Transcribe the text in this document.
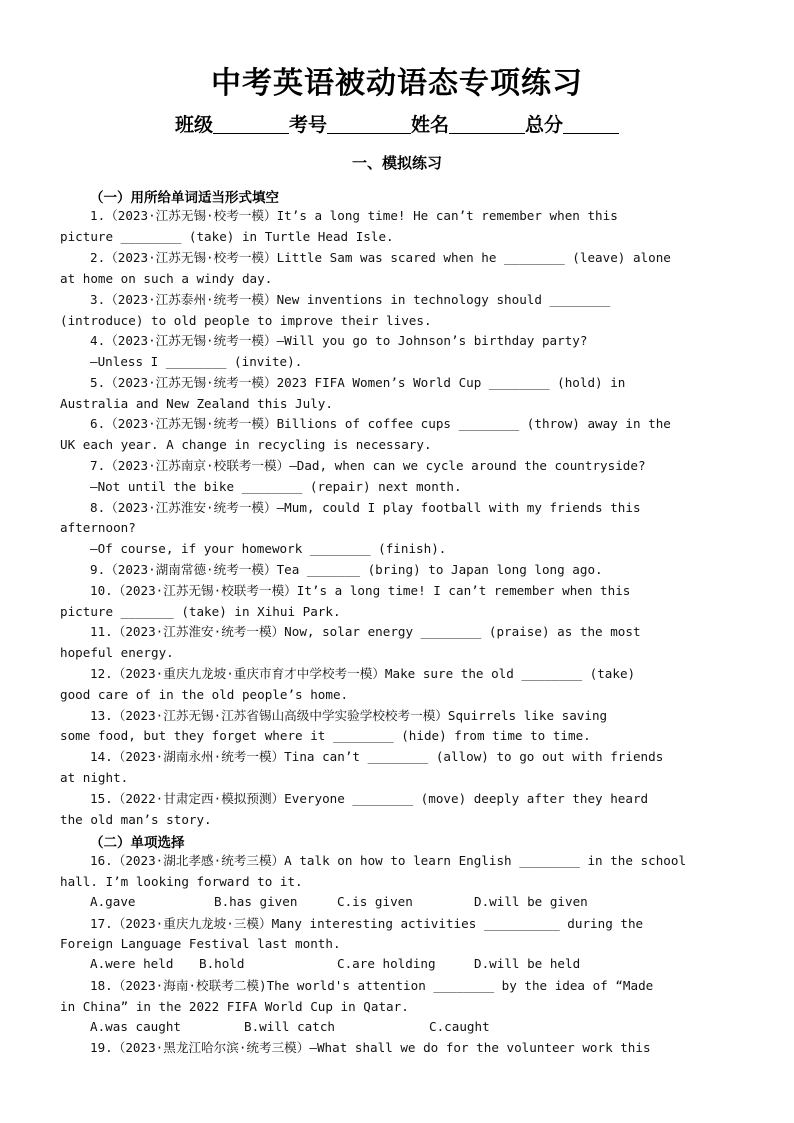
中考英语被动语态专项练习
班级	考号	姓名	总分
一、模拟练习
（一）用所给单词适当形式填空
1.（2023·江苏无锡·校考一模）It’s a long time! He can’t remember when this
picture ________ (take) in Turtle Head Isle.
2.（2023·江苏无锡·校考一模）Little Sam was scared when he ________ (leave) alone
at home on such a windy day.
3.（2023·江苏泰州·统考一模）New inventions in technology should ________
(introduce) to old people to improve their lives.
4.（2023·江苏无锡·统考一模）—Will you go to Johnson’s birthday party?
—Unless I ________ (invite).
5.（2023·江苏无锡·统考一模）2023 FIFA Women’s World Cup ________ (hold) in
Australia and New Zealand this July.
6.（2023·江苏无锡·统考一模）Billions of coffee cups ________ (throw) away in the
UK each year. A change in recycling is necessary.
7.（2023·江苏南京·校联考一模）—Dad, when can we cycle around the countryside?
—Not until the bike ________ (repair) next month.
8.（2023·江苏淮安·统考一模）—Mum, could I play football with my friends this
afternoon?
—Of course, if your homework ________ (finish).
9.（2023·湖南常德·统考一模）Tea _______ (bring) to Japan long long ago.
10.（2023·江苏无锡·校联考一模）It’s a long time! I can’t remember when this
picture _______ (take) in Xihui Park.
11.（2023·江苏淮安·统考一模）Now, solar energy ________ (praise) as the most
hopeful energy.
12.（2023·重庆九龙坡·重庆市育才中学校考一模）Make sure the old ________ (take)
good care of in the old people’s home.
13.（2023·江苏无锡·江苏省锡山高级中学实验学校校考一模）Squirrels like saving
some food, but they forget where it ________ (hide) from time to time.
14.（2023·湖南永州·统考一模）Tina can’t ________ (allow) to go out with friends
at night.
15.（2022·甘肃定西·模拟预测）Everyone ________ (move) deeply after they heard
the old man’s story.
16.（2023·湖北孝感·统考三模）A talk on how to learn English ________ in the school
hall. I’m looking forward to it.
17.（2023·重庆九龙坡·三模）Many interesting activities __________ during the
Foreign Language Festival last month.
18.（2023·海南·校联考二模)The world's attention ________ by the idea of “Made
in China” in the 2022 FIFA World Cup in Qatar.
19.（2023·黑龙江哈尔滨·统考三模）—What shall we do for the volunteer work this
（二）单项选择
A.gave	B.has given	C.is given	D.will be given
A.were held B.hold	C.are holding	D.will be held
A.was caught	B.will catch	C.caught
